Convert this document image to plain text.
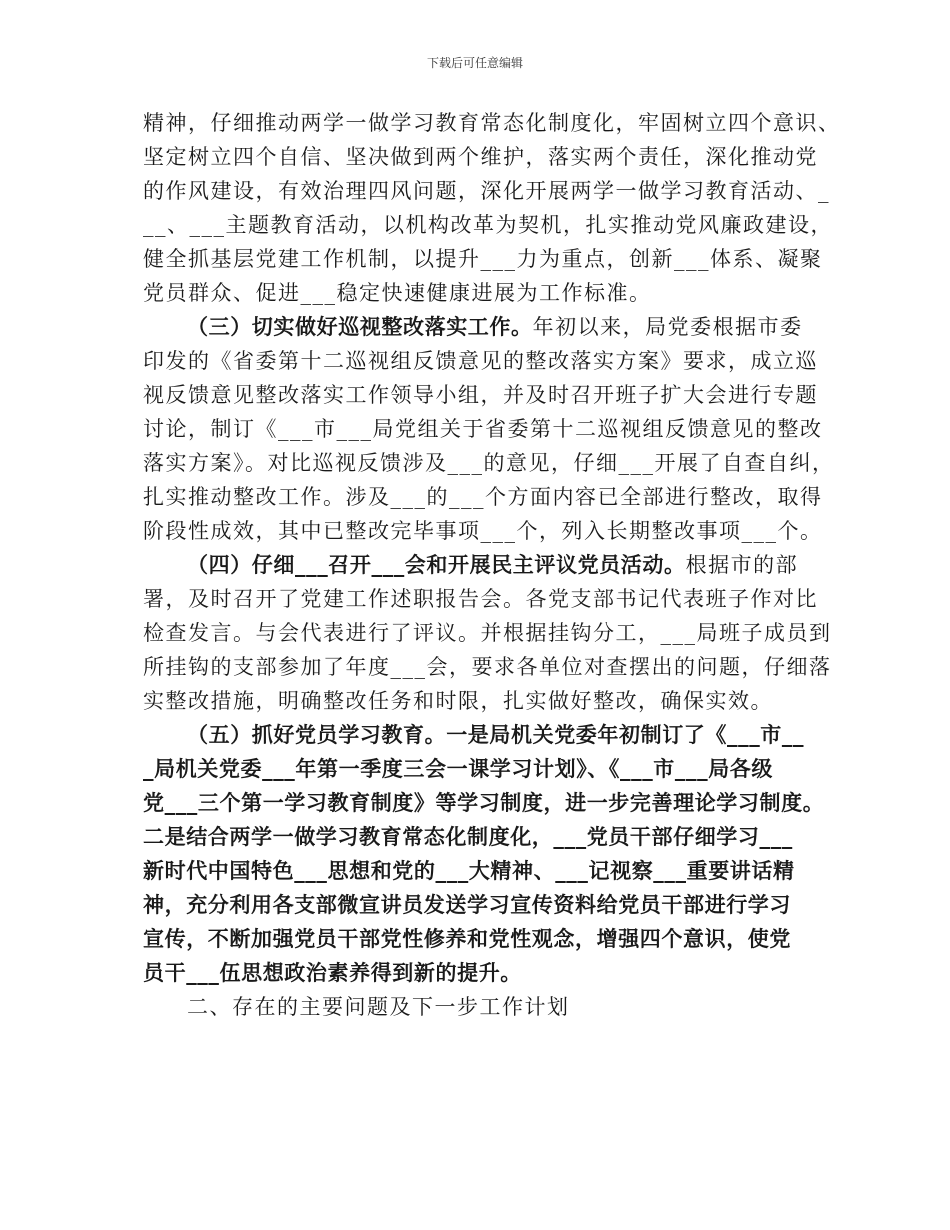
下载后可任意编辑
精神，仔细推动两学一做学习教育常态化制度化，牢固树立四个意识、
坚定树立四个自信、坚决做到两个维护，落实两个责任，深化推动党
的作风建设，有效治理四风问题，深化开展两学一做学习教育活动、_
__、___主题教育活动，以机构改革为契机，扎实推动党风廉政建设，
健全抓基层党建工作机制，以提升___力为重点，创新___体系、凝聚
党员群众、促进___稳定快速健康进展为工作标准。
（三）切实做好巡视整改落实工作。年初以来，局党委根据市委
印发的《省委第十二巡视组反馈意见的整改落实方案》要求，成立巡
视反馈意见整改落实工作领导小组，并及时召开班子扩大会进行专题
讨论，制订《___市___局党组关于省委第十二巡视组反馈意见的整改
落实方案》。对比巡视反馈涉及___的意见，仔细___开展了自查自纠，
扎实推动整改工作。涉及___的___个方面内容已全部进行整改，取得
阶段性成效，其中已整改完毕事项___个，列入长期整改事项___个。
（四）仔细___召开___会和开展民主评议党员活动。根据市的部
署，及时召开了党建工作述职报告会。各党支部书记代表班子作对比
检查发言。与会代表进行了评议。并根据挂钩分工，___局班子成员到
所挂钩的支部参加了年度___会，要求各单位对查摆出的问题，仔细落
实整改措施，明确整改任务和时限，扎实做好整改，确保实效。
（五）抓好党员学习教育。一是局机关党委年初制订了《___市__
_局机关党委___年第一季度三会一课学习计划》、《___市___局各级
党___三个第一学习教育制度》等学习制度，进一步完善理论学习制度。
二是结合两学一做学习教育常态化制度化，___党员干部仔细学习___
新时代中国特色___思想和党的___大精神、___记视察___重要讲话精
神，充分利用各支部微宣讲员发送学习宣传资料给党员干部进行学习
宣传，不断加强党员干部党性修养和党性观念，增强四个意识，使党
员干___伍思想政治素养得到新的提升。
二、存在的主要问题及下一步工作计划
